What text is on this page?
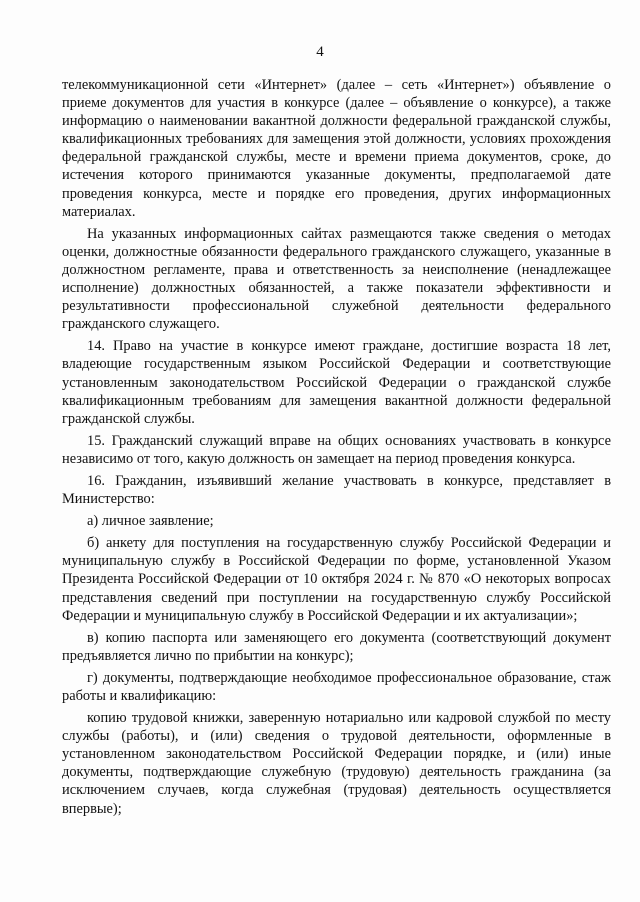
4

телекоммуникационной сети «Интернет» (далее – сеть «Интернет») объявление о приеме документов для участия в конкурсе (далее – объявление о конкурсе), а также информацию о наименовании вакантной должности федеральной гражданской службы, квалификационных требованиях для замещения этой должности, условиях прохождения федеральной гражданской службы, месте и времени приема документов, сроке, до истечения которого принимаются указанные документы, предполагаемой дате проведения конкурса, месте и порядке его проведения, других информационных материалах.

На указанных информационных сайтах размещаются также сведения о методах оценки, должностные обязанности федерального гражданского служащего, указанные в должностном регламенте, права и ответственность за неисполнение (ненадлежащее исполнение) должностных обязанностей, а также показатели эффективности и результативности профессиональной служебной деятельности федерального гражданского служащего.

14. Право на участие в конкурсе имеют граждане, достигшие возраста 18 лет, владеющие государственным языком Российской Федерации и соответствующие установленным законодательством Российской Федерации о гражданской службе квалификационным требованиям для замещения вакантной должности федеральной гражданской службы.

15. Гражданский служащий вправе на общих основаниях участвовать в конкурсе независимо от того, какую должность он замещает на период проведения конкурса.

16. Гражданин, изъявивший желание участвовать в конкурсе, представляет в Министерство:

а) личное заявление;

б) анкету для поступления на государственную службу Российской Федерации и муниципальную службу в Российской Федерации по форме, установленной Указом Президента Российской Федерации от 10 октября 2024 г. № 870 «О некоторых вопросах представления сведений при поступлении на государственную службу Российской Федерации и муниципальную службу в Российской Федерации и их актуализации»;

в) копию паспорта или заменяющего его документа (соответствующий документ предъявляется лично по прибытии на конкурс);

г) документы, подтверждающие необходимое профессиональное образование, стаж работы и квалификацию:

копию трудовой книжки, заверенную нотариально или кадровой службой по месту службы (работы), и (или) сведения о трудовой деятельности, оформленные в установленном законодательством Российской Федерации порядке, и (или) иные документы, подтверждающие служебную (трудовую) деятельность гражданина (за исключением случаев, когда служебная (трудовая) деятельность осуществляется впервые);
